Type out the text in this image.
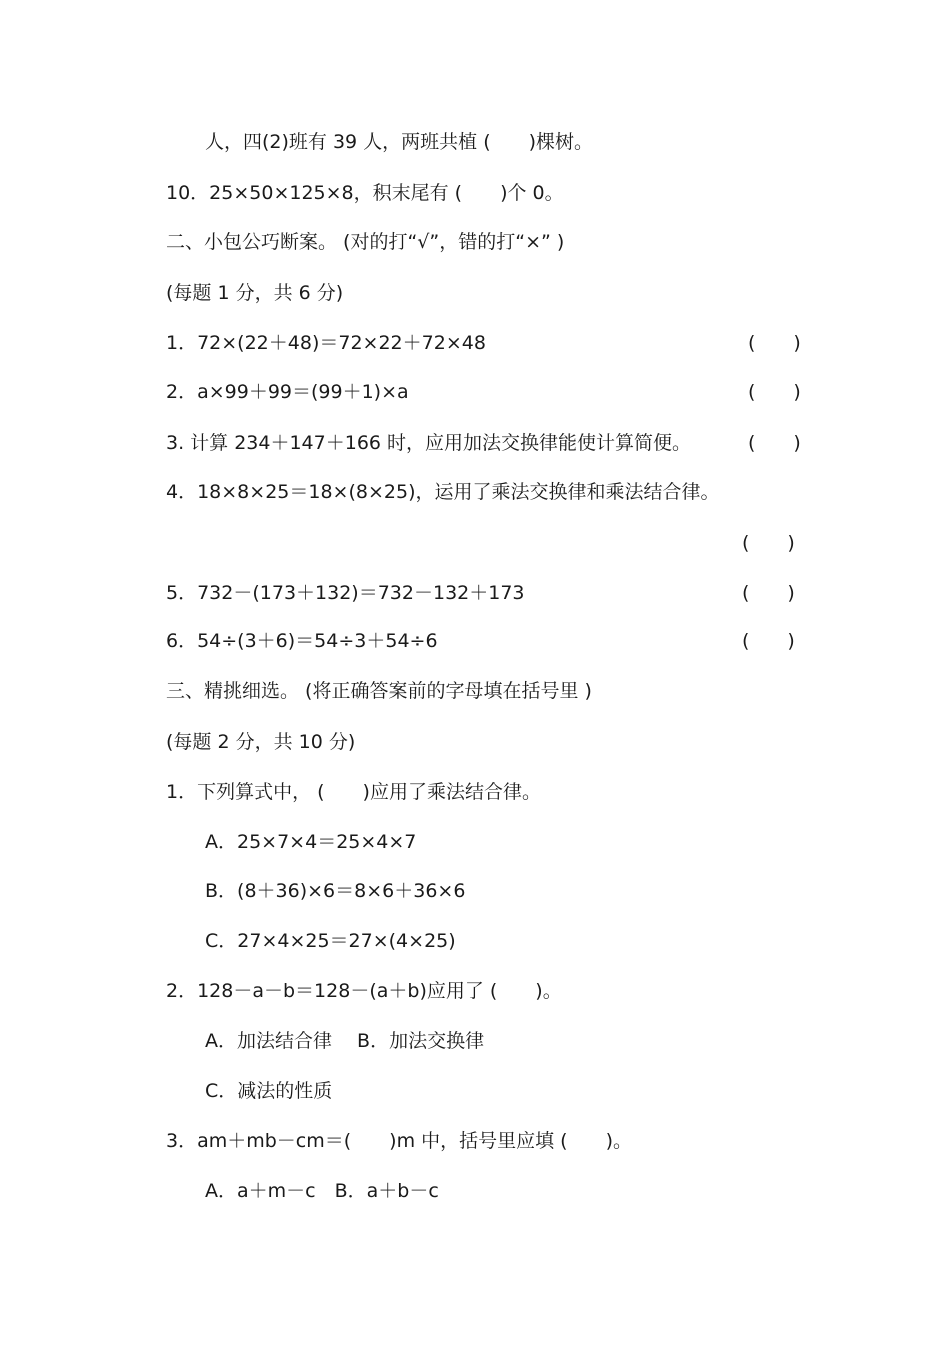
人，四(2)班有 39 人，两班共植 (　　)棵树。
10．25×50×125×8，积末尾有 (　　)个 0。
二、小包公巧断案。 (对的打“√”，错的打“×” )
(每题 1 分，共 6 分)
1．72×(22＋48)＝72×22＋72×48	(　　)
2．a×99＋99＝(99＋1)×a	(　　)
3. 计算 234＋147＋166 时，应用加法交换律能使计算简便。	(　　)
4．18×8×25＝18×(8×25)，运用了乘法交换律和乘法结合律。
(　　)
5．732－(173＋132)＝732－132＋173	(　　)
6．54÷(3＋6)＝54÷3＋54÷6	(　　)
三、精挑细选。 (将正确答案前的字母填在括号里 )
(每题 2 分，共 10 分)
1．下列算式中， (　　)应用了乘法结合律。
A．25×7×4＝25×4×7
B．(8＋36)×6＝8×6＋36×6
C．27×4×25＝27×(4×25)
2．128－a－b＝128－(a＋b)应用了 (　　)。
A．加法结合律　 B．加法交换律
C．减法的性质
3．am＋mb－cm＝(　　)m 中，括号里应填 (　　)。
A．a＋m－c　B．a＋b－c
